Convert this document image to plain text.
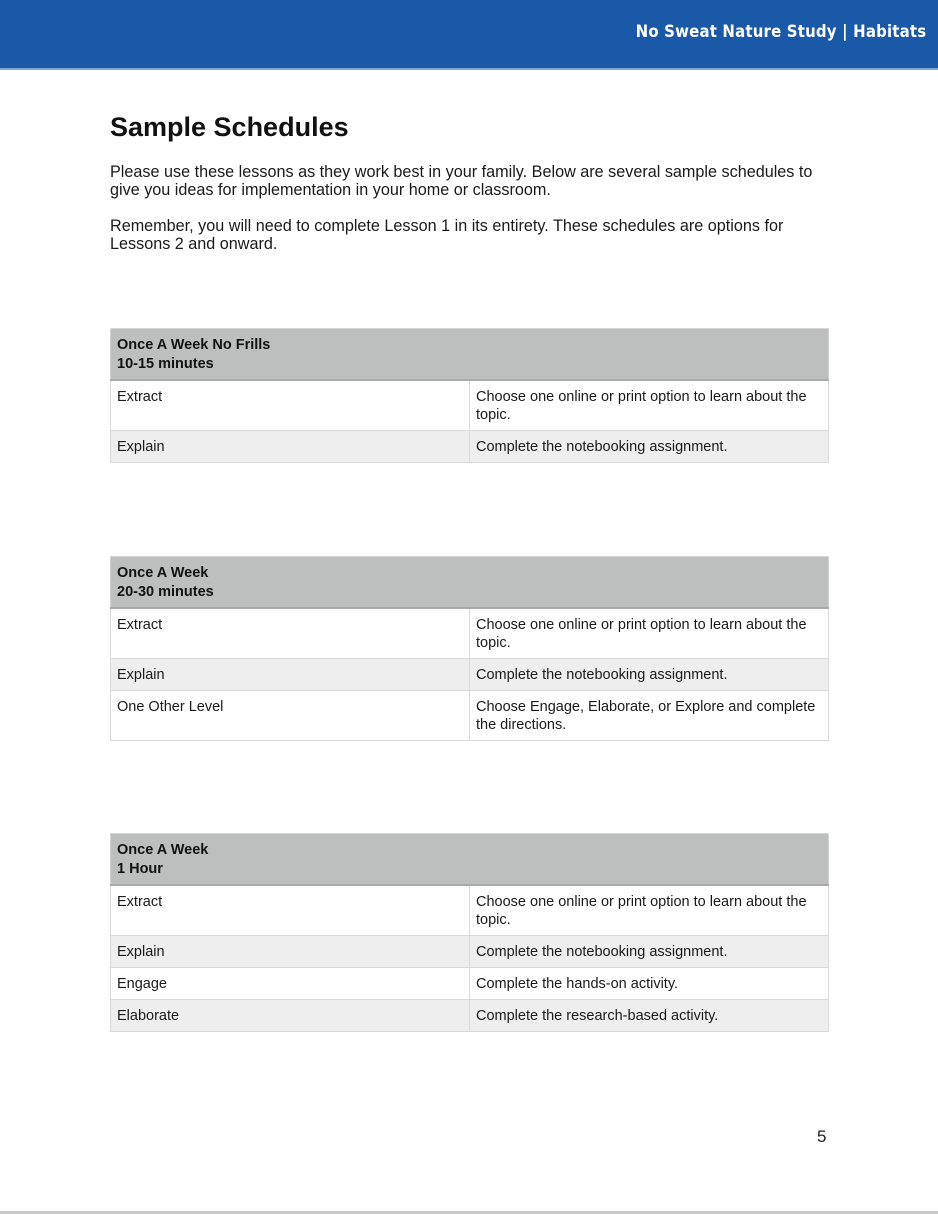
No Sweat Nature Study | Habitats
Sample Schedules

Please use these lessons as they work best in your family. Below are several sample schedules to give you ideas for implementation in your home or classroom.

Remember, you will need to complete Lesson 1 in its entirety. These schedules are options for Lessons 2 and onward.

Once A Week No Frills
10-15 minutes	

Extract	Choose one online or print option to learn about the topic.
Explain	Complete the notebooking assignment.
Once A Week
20-30 minutes	

Extract	Choose one online or print option to learn about the topic.
Explain	Complete the notebooking assignment.
One Other Level	Choose Engage, Elaborate, or Explore and complete the directions.
Once A Week
1 Hour	

Extract	Choose one online or print option to learn about the topic.
Explain	Complete the notebooking assignment.
Engage	Complete the hands-on activity.
Elaborate	Complete the research-based activity.
5
